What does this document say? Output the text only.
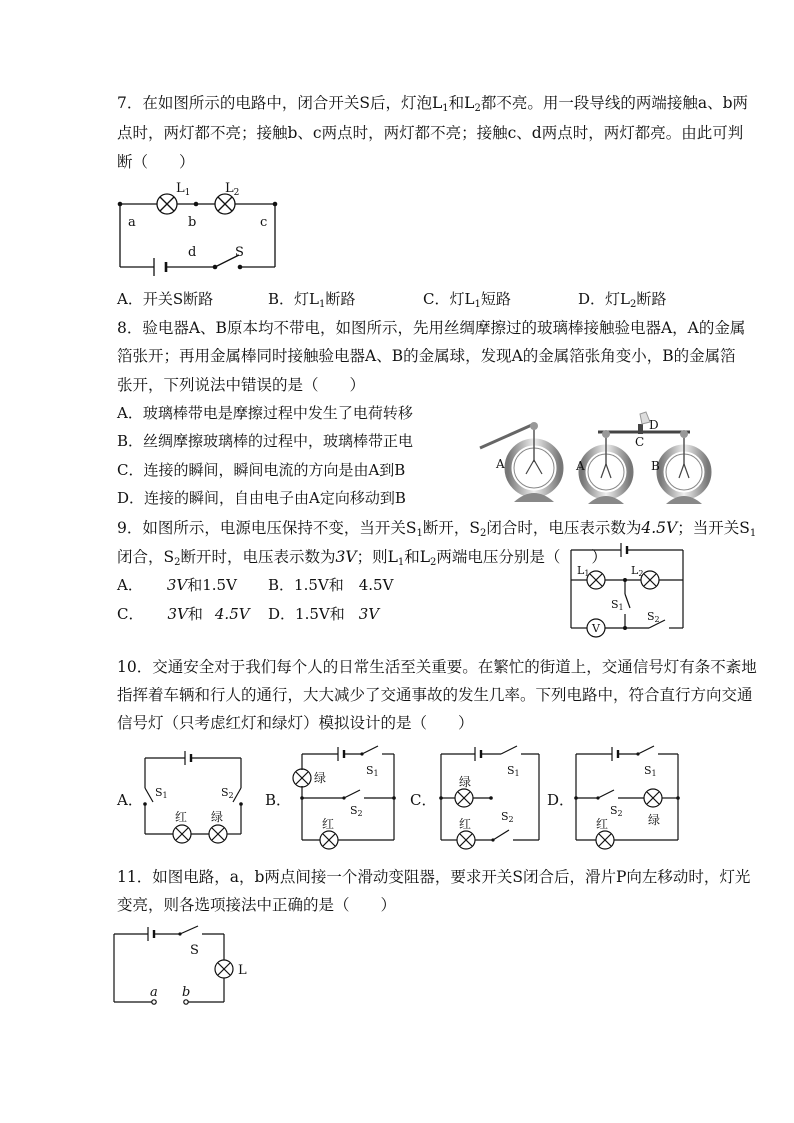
7．在如图所示的电路中，闭合开关S后，灯泡$L_1$和$L_2$都不亮。用一段导线的两端接触a、b两
点时，两灯都不亮；接触b、c两点时，两灯都不亮；接触c、d两点时，两灯都亮。由此可判
断（　　）
$L_1$	$L_2$
a	b	c
d	S
A．开关S断路	B．灯$L_1$断路	C．灯$L_1$短路	D．灯$L_2$断路
8．验电器A、B原本均不带电，如图所示，先用丝绸摩擦过的玻璃棒接触验电器A，A的金属
箔张开；再用金属棒同时接触验电器A、B的金属球，发现A的金属箔张角变小，B的金属箔
张开，下列说法中错误的是（　　）
A．玻璃棒带电是摩擦过程中发生了电荷转移
B．丝绸摩擦玻璃棒的过程中，玻璃棒带正电
C．连接的瞬间，瞬间电流的方向是由A到B
D．连接的瞬间，自由电子由A定向移动到B
A	A	B
C
D
9．如图所示，电源电压保持不变，当开关$S_1$断开，$S_2$闭合时，电压表示数为4.5V；当开关$S_1$
闭合，$S_2$断开时，电压表示数为3V；则$L_1$和$L_2$两端电压分别是（　　）
A． 3V和1.5V B．1.5V和　4.5V
C． 3V和 4.5V D．1.5V和 3V
V
L1	L2
S1
S2
10．交通安全对于我们每个人的日常生活至关重要。在繁忙的街道上，交通信号灯有条不紊地
指挥着车辆和行人的通行，大大减少了交通事故的发生几率。下列电路中，符合直行方向交通
信号灯（只考虑红灯和绿灯）模拟设计的是（　　）
A． S1	S2
红 绿
B．
绿
S1
S2
红
C．
绿
S1
S2
红
D．
S1
S2 绿
红
11．如图电路，a，b两点间接一个滑动变阻器，要求开关S闭合后，滑片P向左移动时，灯光
变亮，则各选项接法中正确的是（　　）
S
L
a b
